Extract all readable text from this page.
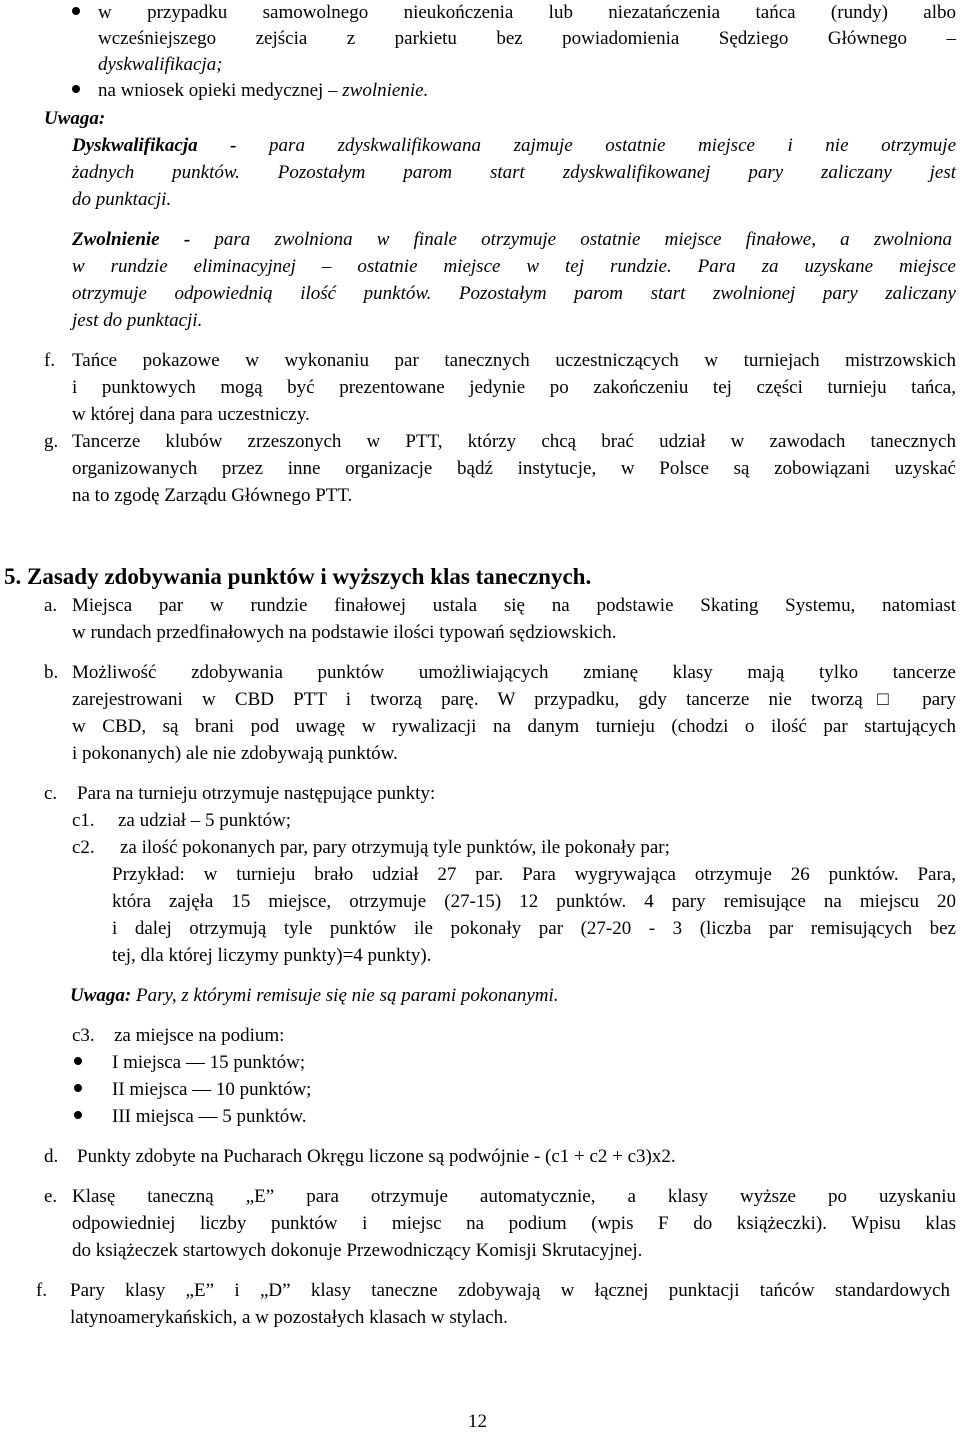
w przypadku samowolnego nieukończenia lub niezatańczenia tańca (rundy) albo

wcześniejszego zejścia z parkietu bez powiadomienia Sędziego Głównego –

dyskwalifikacja;

na wniosek opieki medycznej – zwolnienie.

Uwaga:

Dyskwalifikacja - para zdyskwalifikowana zajmuje ostatnie miejsce i nie otrzymuje

żadnych punktów. Pozostałym parom start zdyskwalifikowanej pary zaliczany jest

do punktacji.

Zwolnienie - para zwolniona w finale otrzymuje ostatnie miejsce finałowe, a zwolniona

w rundzie eliminacyjnej – ostatnie miejsce w tej rundzie. Para za uzyskane miejsce

otrzymuje odpowiednią ilość punktów. Pozostałym parom start zwolnionej pary zaliczany

jest do punktacji.

f. Tańce pokazowe w wykonaniu par tanecznych uczestniczących w turniejach mistrzowskich

i punktowych mogą być prezentowane jedynie po zakończeniu tej części turnieju tańca,

w której dana para uczestniczy.

g. Tancerze klubów zrzeszonych w PTT, którzy chcą brać udział w zawodach tanecznych

organizowanych przez inne organizacje bądź instytucje, w Polsce są zobowiązani uzyskać

na to zgodę Zarządu Głównego PTT.

5. Zasady zdobywania punktów i wyższych klas tanecznych.

a. Miejsca par w rundzie finałowej ustala się na podstawie Skating Systemu, natomiast

w rundach przedfinałowych na podstawie ilości typowań sędziowskich.

b. Możliwość zdobywania punktów umożliwiających zmianę klasy mają tylko tancerze

zarejestrowani w CBD PTT i tworzą parę. W przypadku, gdy tancerze nie tworzą□ pary

w CBD, są brani pod uwagę w rywalizacji na danym turnieju (chodzi o ilość par startujących

i pokonanych) ale nie zdobywają punktów.

c. Para na turnieju otrzymuje następujące punkty:

c1. za udział – 5 punktów;

c2. za ilość pokonanych par, pary otrzymują tyle punktów, ile pokonały par;

Przykład: w turnieju brało udział 27 par. Para wygrywająca otrzymuje 26 punktów. Para,

która zajęła 15 miejsce, otrzymuje (27-15) 12 punktów. 4 pary remisujące na miejscu 20

i dalej otrzymują tyle punktów ile pokonały par (27-20 - 3 (liczba par remisujących bez

tej, dla której liczymy punkty)=4 punkty).

Uwaga: Pary, z którymi remisuje się nie są parami pokonanymi.

c3. za miejsce na podium:

I miejsca — 15 punktów;

II miejsca — 10 punktów;

III miejsca — 5 punktów.

d. Punkty zdobyte na Pucharach Okręgu liczone są podwójnie - (c1 + c2 + c3)x2.

e. Klasę taneczną „E” para otrzymuje automatycznie, a klasy wyższe po uzyskaniu

odpowiedniej liczby punktów i miejsc na podium (wpis F do książeczki). Wpisu klas

do książeczek startowych dokonuje Przewodniczący Komisji Skrutacyjnej.

f. Pary klasy „E” i „D” klasy taneczne zdobywają w łącznej punktacji tańców standardowych

latynoamerykańskich, a w pozostałych klasach w stylach.

12
